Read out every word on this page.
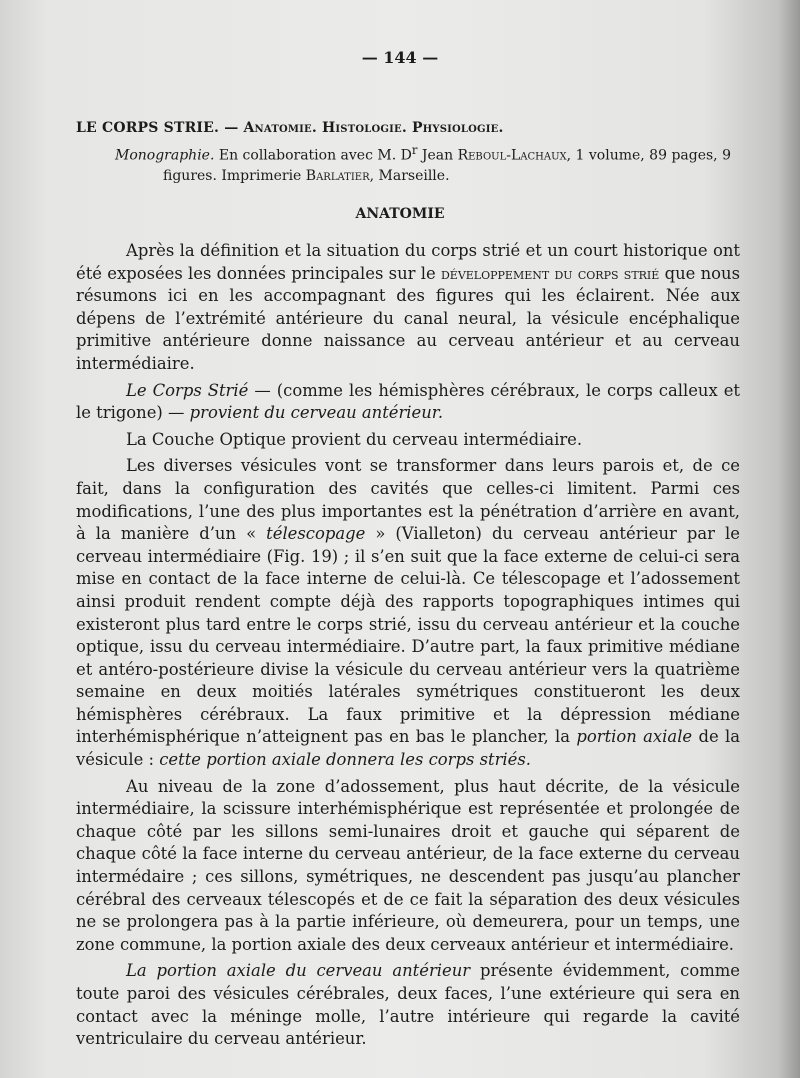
— 144 —
LE CORPS STRIE. — Anatomie. Histologie. Physiologie.
Monographie. En collaboration avec M. $D^r$ Jean Reboul-Lachaux, 1 volume, 89 pages, 9 figures. Imprimerie Barlatier, Marseille.
ANATOMIE

Après la définition et la situation du corps strié et un court historique ont été exposées les données principales sur le développement du corps strié que nous résumons ici en les accompagnant des figures qui les éclairent. Née aux dépens de l’extrémité antérieure du canal neural, la vésicule encéphalique primitive antérieure donne naissance au cerveau antérieur et au cerveau intermédiaire.

Le Corps Strié — (comme les hémisphères cérébraux, le corps calleux et le trigone) — provient du cerveau antérieur.

La Couche Optique provient du cerveau intermédiaire.

Les diverses vésicules vont se transformer dans leurs parois et, de ce fait, dans la configuration des cavités que celles-ci limitent. Parmi ces modifications, l’une des plus importantes est la pénétration d’arrière en avant, à la manière d’un « télescopage » (Vialleton) du cerveau antérieur par le cerveau intermédiaire (Fig. 19) ; il s’en suit que la face externe de celui-ci sera mise en contact de la face interne de celui-là. Ce télescopage et l’adossement ainsi produit rendent compte déjà des rapports topographiques intimes qui existeront plus tard entre le corps strié, issu du cerveau antérieur et la couche optique, issu du cerveau intermédiaire. D’autre part, la faux primitive médiane et antéro-postérieure divise la vésicule du cerveau antérieur vers la quatrième semaine en deux moitiés latérales symétriques constitueront les deux hémisphères cérébraux. La faux primitive et la dépression médiane interhémisphérique n’atteignent pas en bas le plancher, la portion axiale de la vésicule : cette portion axiale donnera les corps striés.

Au niveau de la zone d’adossement, plus haut décrite, de la vésicule intermédiaire, la scissure interhémisphérique est représentée et prolongée de chaque côté par les sillons semi-lunaires droit et gauche qui séparent de chaque côté la face interne du cerveau antérieur, de la face externe du cerveau intermédaire ; ces sillons, symétriques, ne descendent pas jusqu’au plancher cérébral des cerveaux télescopés et de ce fait la séparation des deux vésicules ne se prolongera pas à la partie inférieure, où demeurera, pour un temps, une zone commune, la portion axiale des deux cerveaux antérieur et intermédiaire.

La portion axiale du cerveau antérieur présente évidemment, comme toute paroi des vésicules cérébrales, deux faces, l’une extérieure qui sera en contact avec la méninge molle, l’autre intérieure qui regarde la cavité ventriculaire du cerveau antérieur.
